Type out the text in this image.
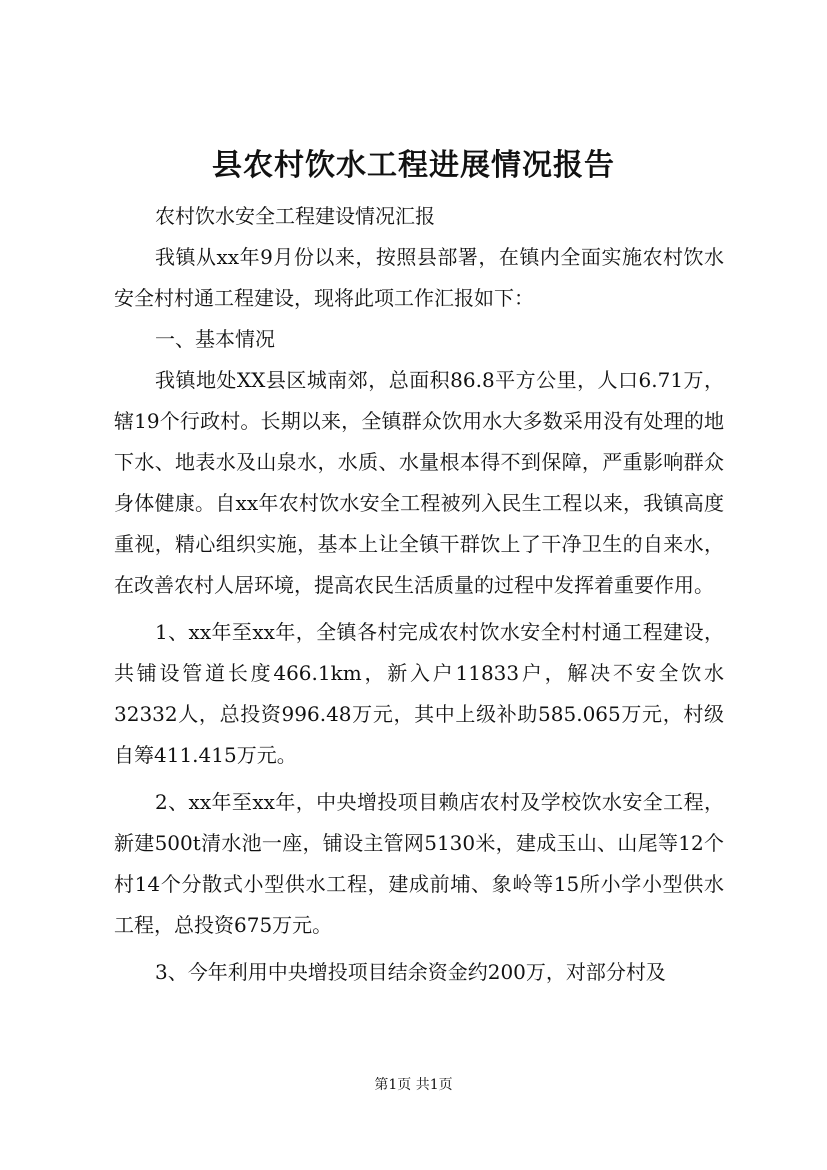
县农村饮水工程进展情况报告

农村饮水安全工程建设情况汇报

我镇从xx年9月份以来，按照县部署，在镇内全面实施农村饮水安全村村通工程建设，现将此项工作汇报如下：

一、基本情况

我镇地处XX县区城南郊，总面积86.8平方公里，人口6.71万，辖19个行政村。长期以来，全镇群众饮用水大多数采用没有处理的地下水、地表水及山泉水，水质、水量根本得不到保障，严重影响群众身体健康。自xx年农村饮水安全工程被列入民生工程以来，我镇高度重视，精心组织实施，基本上让全镇干群饮上了干净卫生的自来水，在改善农村人居环境，提高农民生活质量的过程中发挥着重要作用。

1、xx年至xx年，全镇各村完成农村饮水安全村村通工程建设，共铺设管道长度466.1km，新入户11833户，解决不安全饮水32332人，总投资996.48万元，其中上级补助585.065万元，村级自筹411.415万元。

2、xx年至xx年，中央增投项目赖店农村及学校饮水安全工程，新建500t清水池一座，铺设主管网5130米，建成玉山、山尾等12个村14个分散式小型供水工程，建成前埔、象岭等15所小学小型供水工程，总投资675万元。

3、今年利用中央增投项目结余资金约200万，对部分村及

第1页 共1页
